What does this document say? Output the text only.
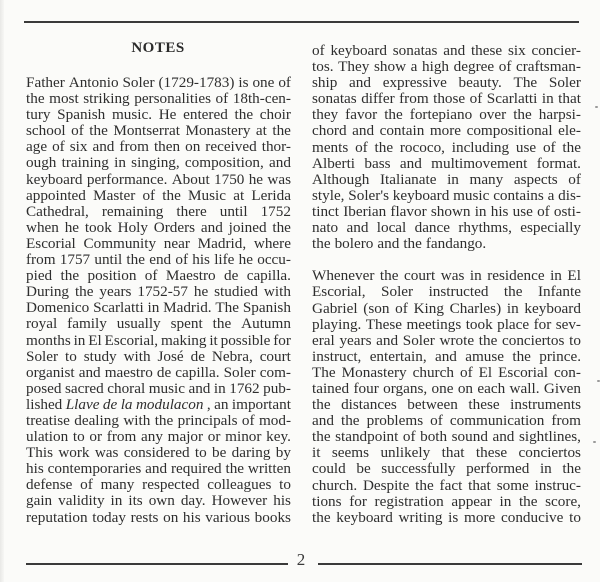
NOTES
Father Antonio Soler (1729-1783) is one of
the most striking personalities of 18th-cen-
tury Spanish music. He entered the choir
school of the Montserrat Monastery at the
age of six and from then on received thor-
ough training in singing, composition, and
keyboard performance. About 1750 he was
appointed Master of the Music at Lerida
Cathedral, remaining there until 1752
when he took Holy Orders and joined the
Escorial Community near Madrid, where
from 1757 until the end of his life he occu-
pied the position of Maestro de capilla.
During the years 1752-57 he studied with
Domenico Scarlatti in Madrid. The Spanish
royal family usually spent the Autumn
months in El Escorial, making it possible for
Soler to study with José de Nebra, court
organist and maestro de capilla. Soler com-
posed sacred choral music and in 1762 pub-
lished Llave de la modulacon , an important
treatise dealing with the principals of mod-
ulation to or from any major or minor key.
This work was considered to be daring by
his contemporaries and required the written
defense of many respected colleagues to
gain validity in its own day. However his
reputation today rests on his various books
of keyboard sonatas and these six concier-
tos. They show a high degree of craftsman-
ship and expressive beauty. The Soler
sonatas differ from those of Scarlatti in that
they favor the fortepiano over the harpsi-
chord and contain more compositional ele-
ments of the rococo, including use of the
Alberti bass and multimovement format.
Although Italianate in many aspects of
style, Soler's keyboard music contains a dis-
tinct Iberian flavor shown in his use of osti-
nato and local dance rhythms, especially
the bolero and the fandango.
Whenever the court was in residence in El
Escorial, Soler instructed the Infante
Gabriel (son of King Charles) in keyboard
playing. These meetings took place for sev-
eral years and Soler wrote the conciertos to
instruct, entertain, and amuse the prince.
The Monastery church of El Escorial con-
tained four organs, one on each wall. Given
the distances between these instruments
and the problems of communication from
the standpoint of both sound and sightlines,
it seems unlikely that these conciertos
could be successfully performed in the
church. Despite the fact that some instruc-
tions for registration appear in the score,
the keyboard writing is more conducive to
2
